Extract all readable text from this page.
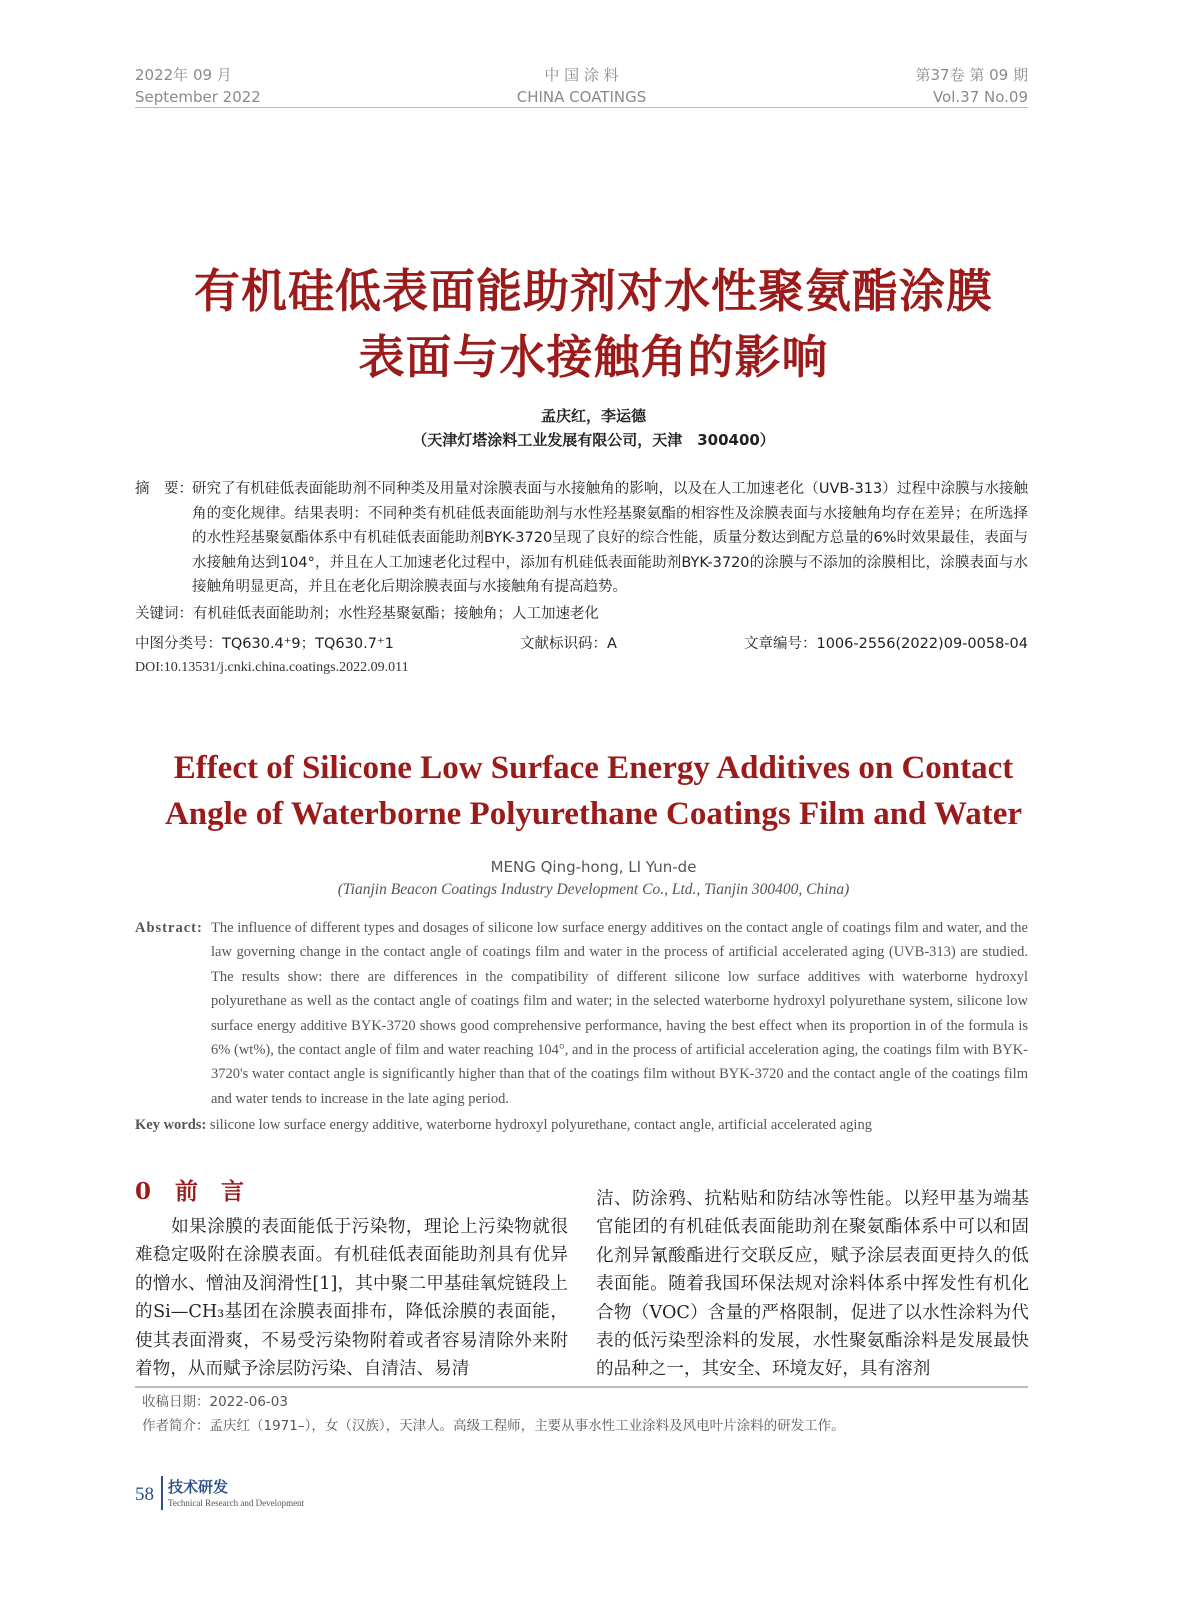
2022年 09 月
September 2022
中 国 涂 料
CHINA COATINGS
第37卷 第 09 期
Vol.37 No.09
有机硅低表面能助剂对水性聚氨酯涂膜
表面与水接触角的影响
孟庆红，李运德
（天津灯塔涂料工业发展有限公司，天津　300400）
摘　要： 研究了有机硅低表面能助剂不同种类及用量对涂膜表面与水接触角的影响，以及在人工加速老化（UVB-313）过程中涂膜与水接触角的变化规律。结果表明：不同种类有机硅低表面能助剂与水性羟基聚氨酯的相容性及涂膜表面与水接触角均存在差异；在所选择的水性羟基聚氨酯体系中有机硅低表面能助剂BYK-3720呈现了良好的综合性能，质量分数达到配方总量的6%时效果最佳，表面与水接触角达到104°，并且在人工加速老化过程中，添加有机硅低表面能助剂BYK-3720的涂膜与不添加的涂膜相比，涂膜表面与水接触角明显更高，并且在老化后期涂膜表面与水接触角有提高趋势。
关键词：有机硅低表面能助剂；水性羟基聚氨酯；接触角；人工加速老化
中图分类号：TQ630.4⁺9；TQ630.7⁺1	文献标识码：A	文章编号：1006-2556(2022)09-0058-04
DOI:10.13531/j.cnki.china.coatings.2022.09.011
Effect of Silicone Low Surface Energy Additives on Contact
Angle of Waterborne Polyurethane Coatings Film and Water
MENG Qing-hong, LI Yun-de
(Tianjin Beacon Coatings Industry Development Co., Ltd., Tianjin 300400, China)
Abstract: The influence of different types and dosages of silicone low surface energy additives on the contact angle of coatings film and water, and the law governing change in the contact angle of coatings film and water in the process of artificial accelerated aging (UVB-313) are studied. The results show: there are differences in the compatibility of different silicone low surface additives with waterborne hydroxyl polyurethane as well as the contact angle of coatings film and water; in the selected waterborne hydroxyl polyurethane system, silicone low surface energy additive BYK-3720 shows good comprehensive performance, having the best effect when its proportion in of the formula is 6% (wt%), the contact angle of film and water reaching 104°, and in the process of artificial acceleration aging, the coatings film with BYK-3720's water contact angle is significantly higher than that of the coatings film without BYK-3720 and the contact angle of the coatings film and water tends to increase in the late aging period.
Key words: silicone low surface energy additive, waterborne hydroxyl polyurethane, contact angle, artificial accelerated aging
0 前　言
　　如果涂膜的表面能低于污染物，理论上污染物就很难稳定吸附在涂膜表面。有机硅低表面能助剂具有优异的憎水、憎油及润滑性[1]，其中聚二甲基硅氧烷链段上的Si—CH₃基团在涂膜表面排布，降低涂膜的表面能，使其表面滑爽，不易受污染物附着或者容易清除外来附着物，从而赋予涂层防污染、自清洁、易清
洁、防涂鸦、抗粘贴和防结冰等性能。以羟甲基为端基官能团的有机硅低表面能助剂在聚氨酯体系中可以和固化剂异氰酸酯进行交联反应，赋予涂层表面更持久的低表面能。随着我国环保法规对涂料体系中挥发性有机化合物（VOC）含量的严格限制，促进了以水性涂料为代表的低污染型涂料的发展，水性聚氨酯涂料是发展最快的品种之一，其安全、环境友好，具有溶剂
收稿日期：2022-06-03
作者简介：孟庆红（1971–），女（汉族），天津人。高级工程师，主要从事水性工业涂料及风电叶片涂料的研发工作。
58 技术研发
Technical Research and Development
